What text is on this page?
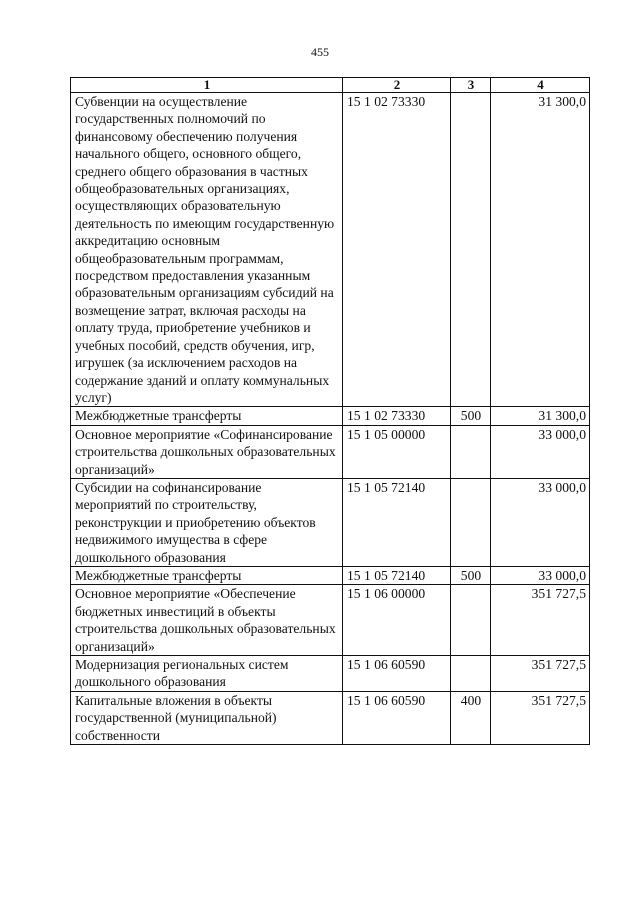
455
1	2	3	4
Субвенции на осуществление государственных полномочий по финансовому обеспечению получения начального общего, основного общего, среднего общего образования в частных общеобразовательных организациях, осуществляющих образовательную деятельность по имеющим государственную аккредитацию основным общеобразовательным программам, посредством предоставления указанным образовательным организациям субсидий на возмещение затрат, включая расходы на оплату труда, приобретение учебников и учебных пособий, средств обучения, игр, игрушек (за исключением расходов на содержание зданий и оплату коммунальных услуг)	15 1 02 73330		31 300,0
Межбюджетные трансферты	15 1 02 73330	500	31 300,0
Основное мероприятие «Софинансирование строительства дошкольных образовательных организаций»	15 1 05 00000		33 000,0
Субсидии на софинансирование мероприятий по строительству, реконструкции и приобретению объектов недвижимого имущества в сфере дошкольного образования	15 1 05 72140		33 000,0
Межбюджетные трансферты	15 1 05 72140	500	33 000,0
Основное мероприятие «Обеспечение бюджетных инвестиций в объекты строительства дошкольных образовательных организаций»	15 1 06 00000		351 727,5
Модернизация региональных систем дошкольного образования	15 1 06 60590		351 727,5
Капитальные вложения в объекты государственной (муниципальной) собственности	15 1 06 60590	400	351 727,5
